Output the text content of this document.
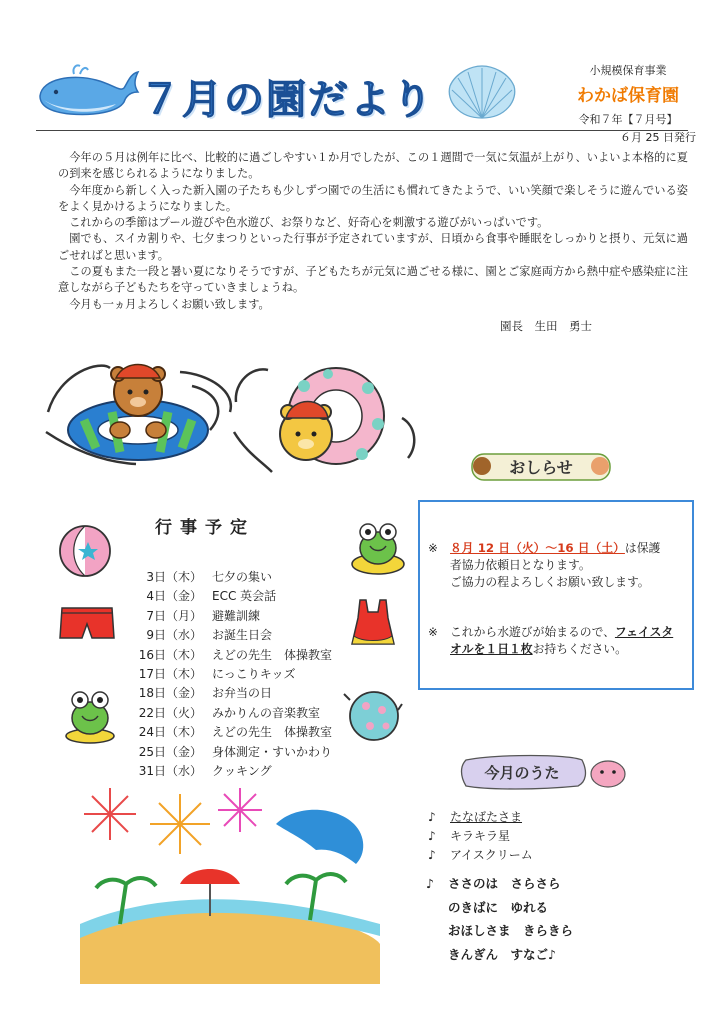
７月の園だより
小規模保育事業
わかば保育園
令和７年【７月号】
６月 25 日発行

今年の５月は例年に比べ、比較的に過ごしやすい１か月でしたが、この１週間で一気に気温が上がり、いよいよ本格的に夏の到来を感じられるようになりました。

今年度から新しく入った新入園の子たちも少しずつ園での生活にも慣れてきたようで、いい笑顔で楽しそうに遊んでいる姿をよく見かけるようになりました。

これからの季節はプール遊びや色水遊び、お祭りなど、好奇心を刺激する遊びがいっぱいです。

園でも、スイカ割りや、七夕まつりといった行事が予定されていますが、日頃から食事や睡眠をしっかりと摂り、元気に過ごせればと思います。

この夏もまた一段と暑い夏になりそうですが、子どもたちが元気に過ごせる様に、園とご家庭両方から熱中症や感染症に注意しながら子どもたちを守っていきましょうね。

今月も一ヵ月よろしくお願い致します。

園長　生田　勇士
行事予定
3日（木） 七夕の集い
4日（金） ECC 英会話
7日（月） 避難訓練
9日（水） お誕生日会
16日（木） えどの先生　体操教室
17日（木） にっこりキッズ
18日（金） お弁当の日
22日（火） みかりんの音楽教室
24日（木） えどの先生　体操教室
25日（金） 身体測定・すいかわり
31日（水） クッキング
おしらせ
※ ８月 12 日（火）～16 日（土）は保護
者協力依頼日となります。
ご協力の程よろしくお願い致します。
※ これから水遊びが始まるので、フェイスタ
オルを１日１枚お持ちください。
今月のうた
♪ たなばたさま
♪ キラキラ星
♪ アイスクリーム
♪ ささのは　さらさら
のきばに　ゆれる
おほしさま　きらきら
きんぎん　すなご♪
